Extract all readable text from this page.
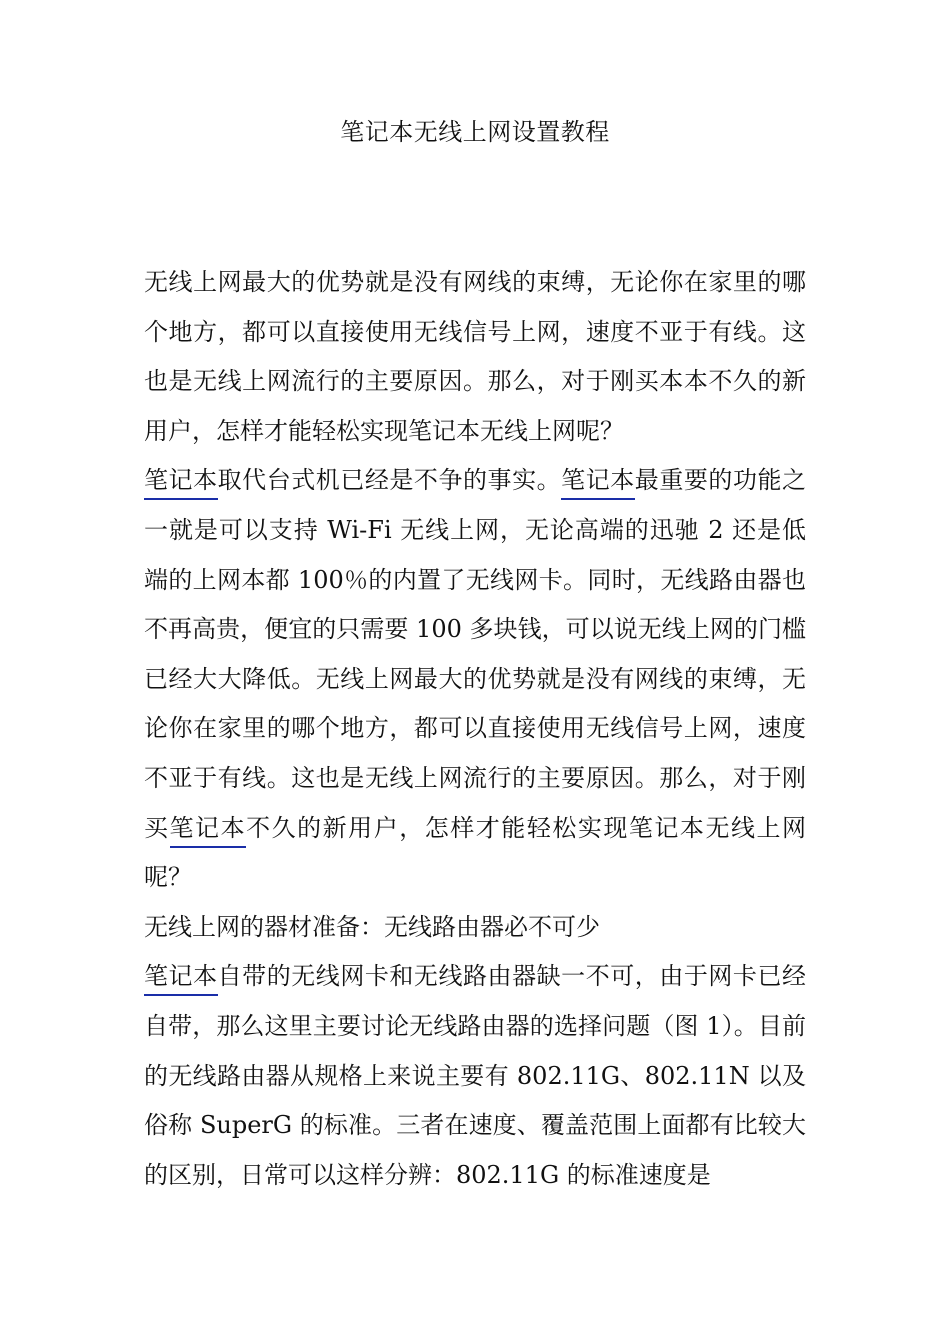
笔记本无线上网设置教程

无线上网最大的优势就是没有网线的束缚，无论你在家里的哪个地方，都可以直接使用无线信号上网，速度不亚于有线。这也是无线上网流行的主要原因。那么，对于刚买本本不久的新用户，怎样才能轻松实现笔记本无线上网呢？

笔记本取代台式机已经是不争的事实。笔记本最重要的功能之一就是可以支持 Wi-Fi 无线上网，无论高端的迅驰 2 还是低端的上网本都 100％的内置了无线网卡。同时，无线路由器也不再高贵，便宜的只需要 100 多块钱，可以说无线上网的门槛已经大大降低。无线上网最大的优势就是没有网线的束缚，无论你在家里的哪个地方，都可以直接使用无线信号上网，速度不亚于有线。这也是无线上网流行的主要原因。那么，对于刚买笔记本不久的新用户，怎样才能轻松实现笔记本无线上网呢？

无线上网的器材准备：无线路由器必不可少

笔记本自带的无线网卡和无线路由器缺一不可，由于网卡已经自带，那么这里主要讨论无线路由器的选择问题（图 1）。目前的无线路由器从规格上来说主要有 802.11G、802.11N 以及俗称 SuperG 的标准。三者在速度、覆盖范围上面都有比较大的区别，日常可以这样分辨：802.11G 的标准速度是
